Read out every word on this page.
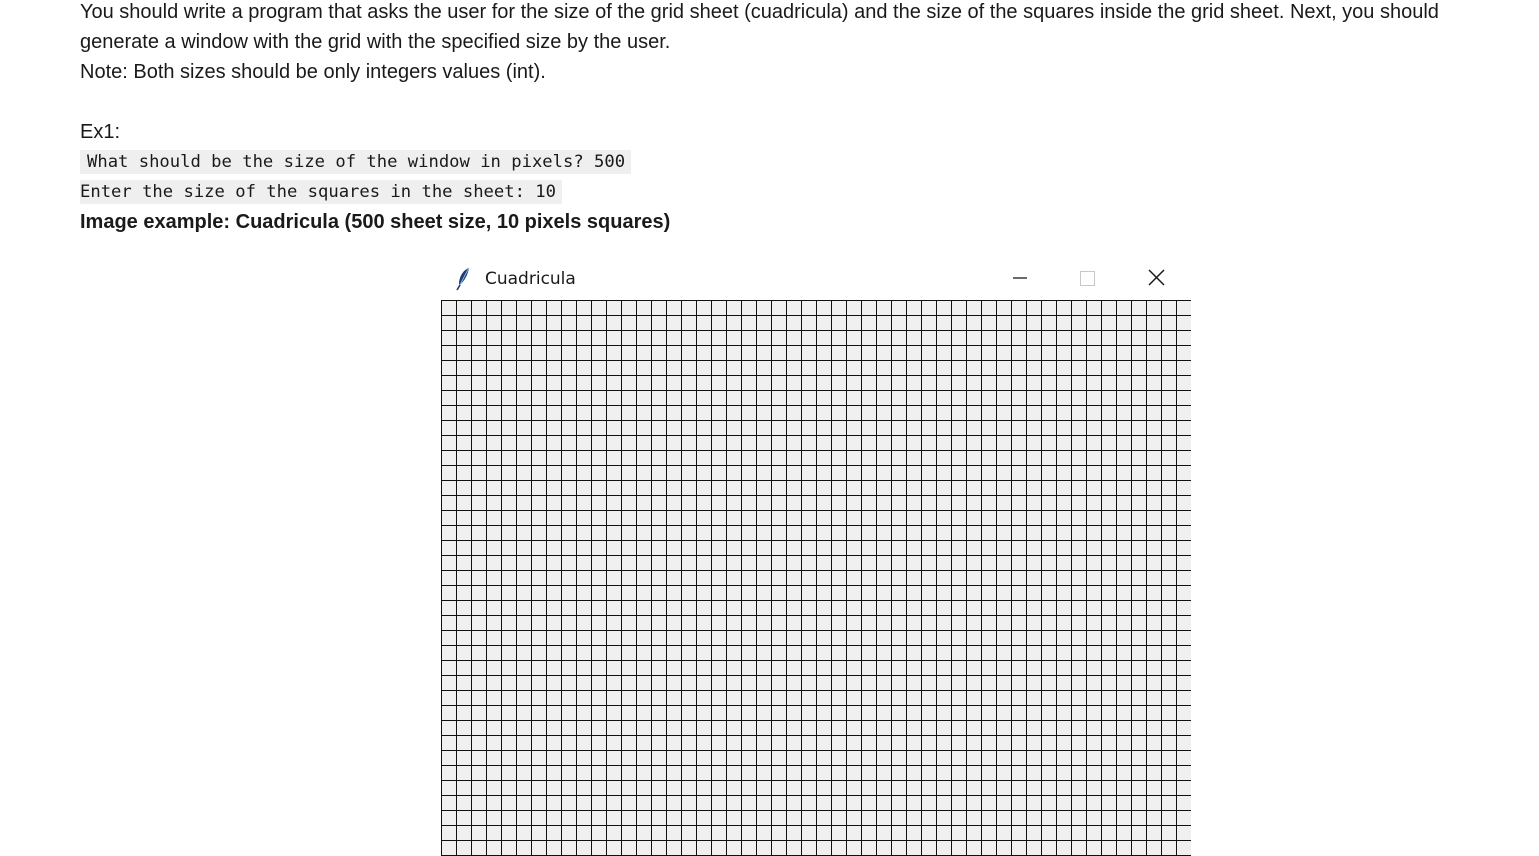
You should write a program that asks the user for the size of the grid sheet (cuadricula) and the size of the squares inside the grid sheet. Next, you should generate a window with the grid with the specified size by the user.

Note: Both sizes should be only integers values (int).

Ex1:

What should be the size of the window in pixels? 500
Enter the size of the squares in the sheet: 10

Image example: Cuadricula (500 sheet size, 10 pixels squares)

Cuadricula
